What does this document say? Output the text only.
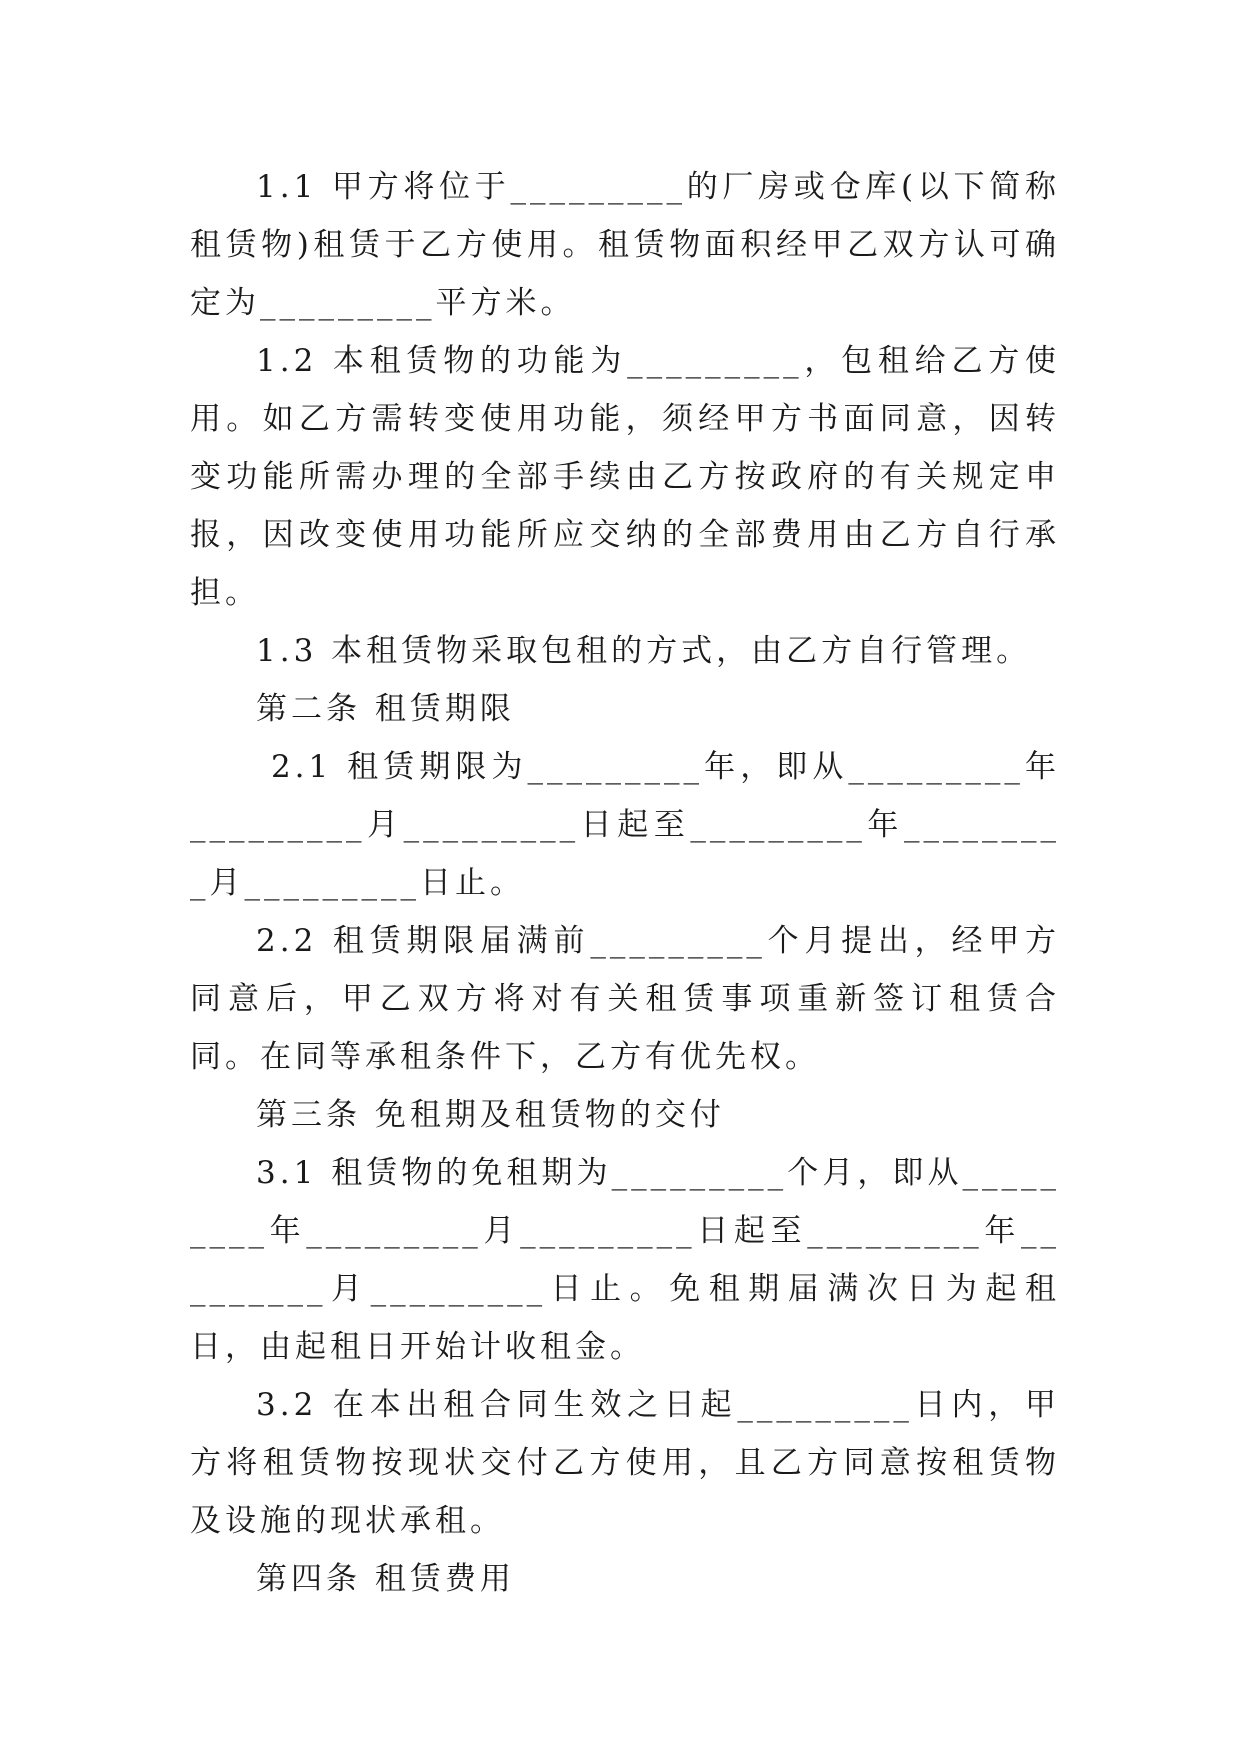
1.1 甲方将位于_________的厂房或仓库(以下简称租赁物)租赁于乙方使用。租赁物面积经甲乙双方认可确定为_________平方米。

1.2 本租赁物的功能为_________，包租给乙方使用。如乙方需转变使用功能，须经甲方书面同意，因转变功能所需办理的全部手续由乙方按政府的有关规定申报，因改变使用功能所应交纳的全部费用由乙方自行承担。

1.3 本租赁物采取包租的方式，由乙方自行管理。

第二条 租赁期限

2.1 租赁期限为_________年，即从_________年_________月_________日起至_________年_________月_________日止。

2.2 租赁期限届满前_________个月提出，经甲方同意后，甲乙双方将对有关租赁事项重新签订租赁合同。在同等承租条件下，乙方有优先权。

第三条 免租期及租赁物的交付

3.1 租赁物的免租期为_________个月，即从_________年_________月_________日起至_________年_________月_________日止。免租期届满次日为起租日，由起租日开始计收租金。

3.2 在本出租合同生效之日起_________日内，甲方将租赁物按现状交付乙方使用，且乙方同意按租赁物及设施的现状承租。

第四条 租赁费用
